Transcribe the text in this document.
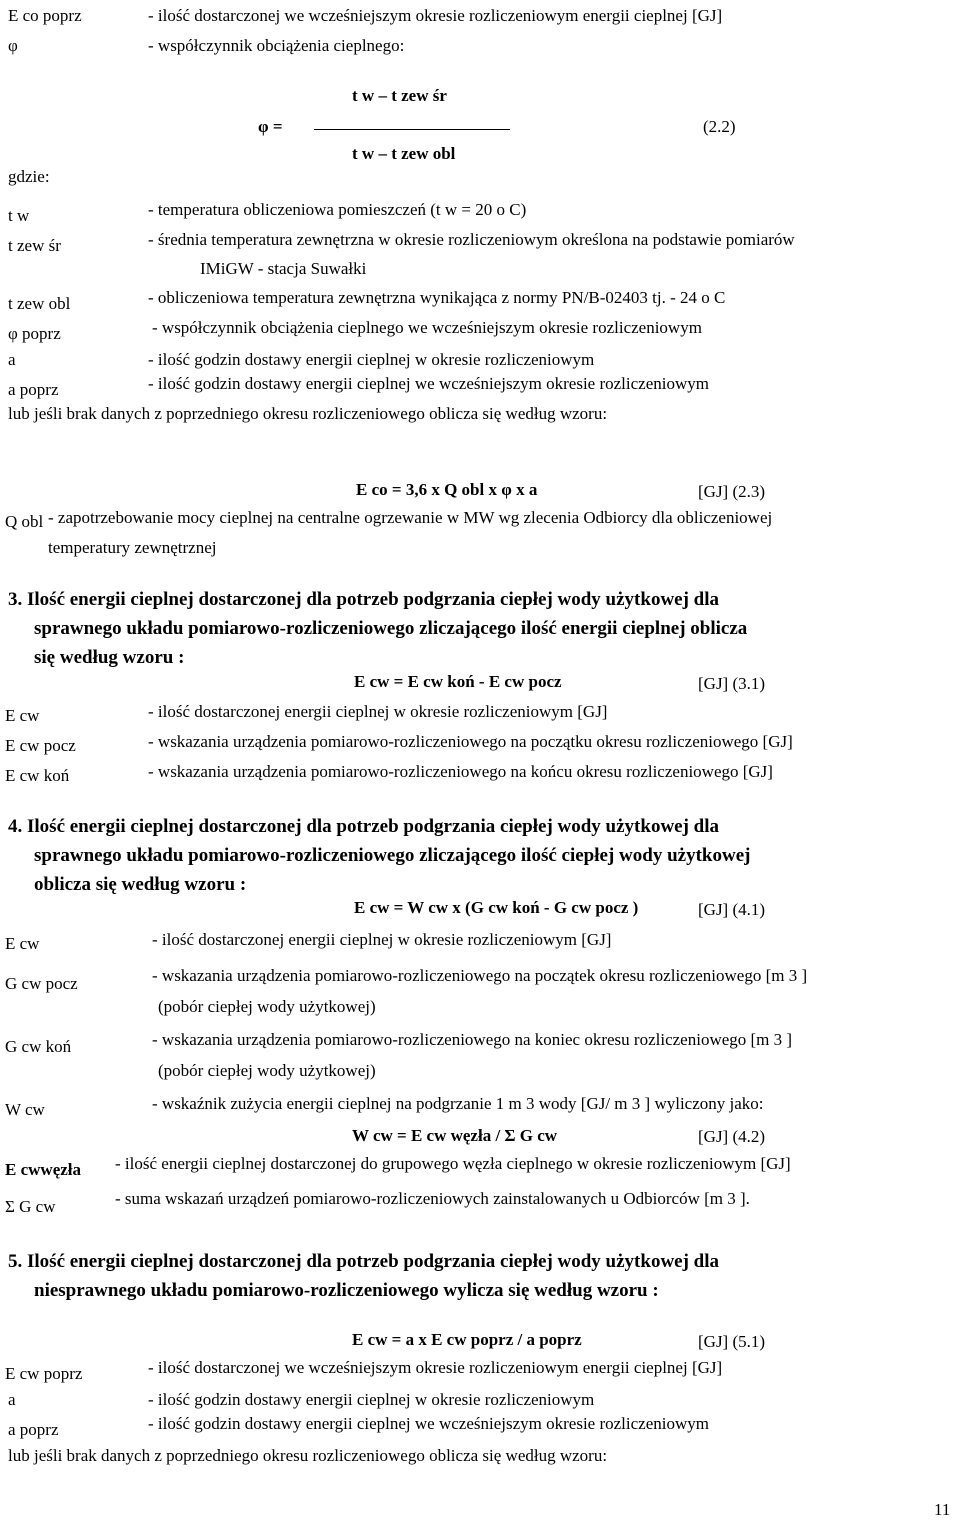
E co poprz	- ilość dostarczonej we wcześniejszym okresie rozliczeniowym energii cieplnej [GJ]
φ	- współczynnik obciążenia cieplnego:
t w – t zew śr
φ =	(2.2)
t w – t zew obl
gdzie:
t w	- temperatura obliczeniowa pomieszczeń (t w = 20 o C)
t zew śr	- średnia temperatura zewnętrzna w okresie rozliczeniowym określona na podstawie pomiarów
IMiGW - stacja Suwałki
t zew obl	- obliczeniowa temperatura zewnętrzna wynikająca z normy PN/B-02403 tj. - 24 o C
φ poprz	- współczynnik obciążenia cieplnego we wcześniejszym okresie rozliczeniowym
a	- ilość godzin dostawy energii cieplnej w okresie rozliczeniowym
a poprz	- ilość godzin dostawy energii cieplnej we wcześniejszym okresie rozliczeniowym
lub jeśli brak danych z poprzedniego okresu rozliczeniowego oblicza się według wzoru:
E co = 3,6 x Q obl x φ x a	[GJ] (2.3)
Q obl - zapotrzebowanie mocy cieplnej na centralne ogrzewanie w MW wg zlecenia Odbiorcy dla obliczeniowej
temperatury zewnętrznej
3. Ilość energii cieplnej dostarczonej dla potrzeb podgrzania ciepłej wody użytkowej dla
sprawnego układu pomiarowo-rozliczeniowego zliczającego ilość energii cieplnej oblicza
się według wzoru :
E cw = E cw koń - E cw pocz	[GJ] (3.1)
E cw	- ilość dostarczonej energii cieplnej w okresie rozliczeniowym [GJ]
E cw pocz	- wskazania urządzenia pomiarowo-rozliczeniowego na początku okresu rozliczeniowego [GJ]
E cw koń	- wskazania urządzenia pomiarowo-rozliczeniowego na końcu okresu rozliczeniowego [GJ]
4. Ilość energii cieplnej dostarczonej dla potrzeb podgrzania ciepłej wody użytkowej dla
sprawnego układu pomiarowo-rozliczeniowego zliczającego ilość ciepłej wody użytkowej
oblicza się według wzoru :
E cw = W cw x (G cw koń - G cw pocz )	[GJ] (4.1)
E cw	- ilość dostarczonej energii cieplnej w okresie rozliczeniowym [GJ]
G cw pocz	- wskazania urządzenia pomiarowo-rozliczeniowego na początek okresu rozliczeniowego [m 3 ]
(pobór ciepłej wody użytkowej)
G cw koń	- wskazania urządzenia pomiarowo-rozliczeniowego na koniec okresu rozliczeniowego [m 3 ]
(pobór ciepłej wody użytkowej)
W cw	- wskaźnik zużycia energii cieplnej na podgrzanie 1 m 3 wody [GJ/ m 3 ] wyliczony jako:
W cw = E cw węzła / Σ G cw	[GJ] (4.2)
E cwwęzła - ilość energii cieplnej dostarczonej do grupowego węzła cieplnego w okresie rozliczeniowym [GJ]
Σ G cw	- suma wskazań urządzeń pomiarowo-rozliczeniowych zainstalowanych u Odbiorców [m 3 ].
5. Ilość energii cieplnej dostarczonej dla potrzeb podgrzania ciepłej wody użytkowej dla
niesprawnego układu pomiarowo-rozliczeniowego wylicza się według wzoru :
E cw = a x E cw poprz / a poprz	[GJ] (5.1)
E cw poprz	- ilość dostarczonej we wcześniejszym okresie rozliczeniowym energii cieplnej [GJ]
a	- ilość godzin dostawy energii cieplnej w okresie rozliczeniowym
a poprz	- ilość godzin dostawy energii cieplnej we wcześniejszym okresie rozliczeniowym
lub jeśli brak danych z poprzedniego okresu rozliczeniowego oblicza się według wzoru:
11
